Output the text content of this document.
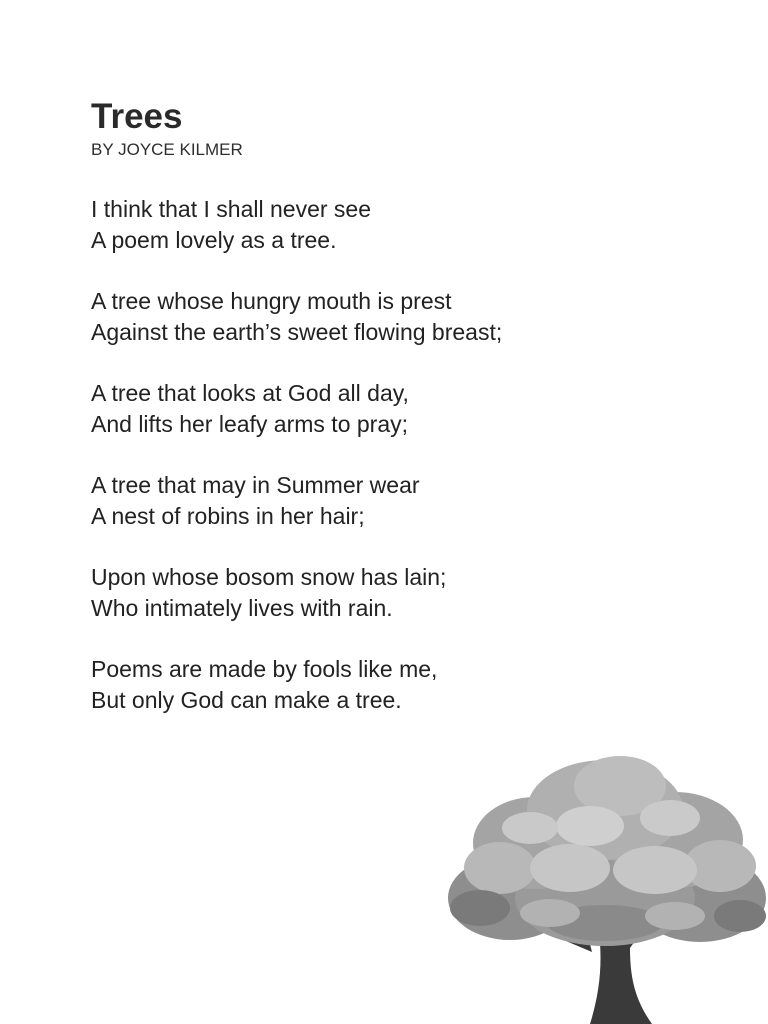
Trees

BY JOYCE KILMER

I think that I shall never see
A poem lovely as a tree.

A tree whose hungry mouth is prest
Against the earth’s sweet flowing breast;

A tree that looks at God all day,
And lifts her leafy arms to pray;

A tree that may in Summer wear
A nest of robins in her hair;

Upon whose bosom snow has lain;
Who intimately lives with rain.

Poems are made by fools like me,
But only God can make a tree.
